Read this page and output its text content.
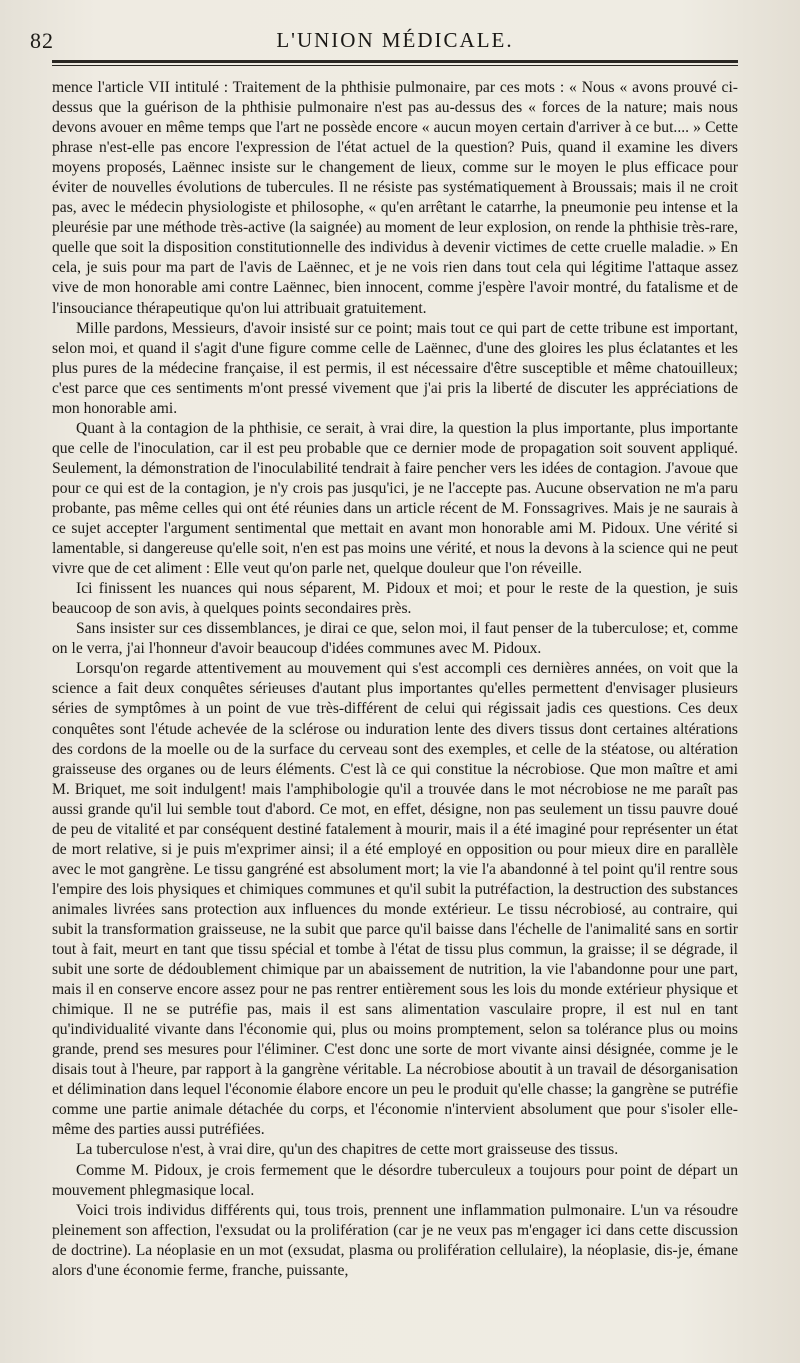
82	L'UNION MÉDICALE.

mence l'article VII intitulé : Traitement de la phthisie pulmonaire, par ces mots : « Nous « avons prouvé ci-dessus que la guérison de la phthisie pulmonaire n'est pas au-dessus des « forces de la nature; mais nous devons avouer en même temps que l'art ne possède encore « aucun moyen certain d'arriver à ce but.... » Cette phrase n'est-elle pas encore l'expression de l'état actuel de la question? Puis, quand il examine les divers moyens proposés, Laënnec insiste sur le changement de lieux, comme sur le moyen le plus efficace pour éviter de nouvelles évolutions de tubercules. Il ne résiste pas systématiquement à Broussais; mais il ne croit pas, avec le médecin physiologiste et philosophe, « qu'en arrêtant le catarrhe, la pneumonie peu intense et la pleurésie par une méthode très-active (la saignée) au moment de leur explosion, on rende la phthisie très-rare, quelle que soit la disposition constitutionnelle des individus à devenir victimes de cette cruelle maladie. » En cela, je suis pour ma part de l'avis de Laënnec, et je ne vois rien dans tout cela qui légitime l'attaque assez vive de mon honorable ami contre Laënnec, bien innocent, comme j'espère l'avoir montré, du fatalisme et de l'insouciance thérapeutique qu'on lui attribuait gratuitement.

Mille pardons, Messieurs, d'avoir insisté sur ce point; mais tout ce qui part de cette tribune est important, selon moi, et quand il s'agit d'une figure comme celle de Laënnec, d'une des gloires les plus éclatantes et les plus pures de la médecine française, il est permis, il est nécessaire d'être susceptible et même chatouilleux; c'est parce que ces sentiments m'ont pressé vivement que j'ai pris la liberté de discuter les appréciations de mon honorable ami.

Quant à la contagion de la phthisie, ce serait, à vrai dire, la question la plus importante, plus importante que celle de l'inoculation, car il est peu probable que ce dernier mode de propagation soit souvent appliqué. Seulement, la démonstration de l'inoculabilité tendrait à faire pencher vers les idées de contagion. J'avoue que pour ce qui est de la contagion, je n'y crois pas jusqu'ici, je ne l'accepte pas. Aucune observation ne m'a paru probante, pas même celles qui ont été réunies dans un article récent de M. Fonssagrives. Mais je ne saurais à ce sujet accepter l'argument sentimental que mettait en avant mon honorable ami M. Pidoux. Une vérité si lamentable, si dangereuse qu'elle soit, n'en est pas moins une vérité, et nous la devons à la science qui ne peut vivre que de cet aliment : Elle veut qu'on parle net, quelque douleur que l'on réveille.

Ici finissent les nuances qui nous séparent, M. Pidoux et moi; et pour le reste de la question, je suis beaucoop de son avis, à quelques points secondaires près.

Sans insister sur ces dissemblances, je dirai ce que, selon moi, il faut penser de la tuberculose; et, comme on le verra, j'ai l'honneur d'avoir beaucoup d'idées communes avec M. Pidoux.

Lorsqu'on regarde attentivement au mouvement qui s'est accompli ces dernières années, on voit que la science a fait deux conquêtes sérieuses d'autant plus importantes qu'elles permettent d'envisager plusieurs séries de symptômes à un point de vue très-différent de celui qui régissait jadis ces questions. Ces deux conquêtes sont l'étude achevée de la sclérose ou induration lente des divers tissus dont certaines altérations des cordons de la moelle ou de la surface du cerveau sont des exemples, et celle de la stéatose, ou altération graisseuse des organes ou de leurs éléments. C'est là ce qui constitue la nécrobiose. Que mon maître et ami M. Briquet, me soit indulgent! mais l'amphibologie qu'il a trouvée dans le mot nécrobiose ne me paraît pas aussi grande qu'il lui semble tout d'abord. Ce mot, en effet, désigne, non pas seulement un tissu pauvre doué de peu de vitalité et par conséquent destiné fatalement à mourir, mais il a été imaginé pour représenter un état de mort relative, si je puis m'exprimer ainsi; il a été employé en opposition ou pour mieux dire en parallèle avec le mot gangrène. Le tissu gangréné est absolument mort; la vie l'a abandonné à tel point qu'il rentre sous l'empire des lois physiques et chimiques communes et qu'il subit la putréfaction, la destruction des substances animales livrées sans protection aux influences du monde extérieur. Le tissu nécrobiosé, au contraire, qui subit la transformation graisseuse, ne la subit que parce qu'il baisse dans l'échelle de l'animalité sans en sortir tout à fait, meurt en tant que tissu spécial et tombe à l'état de tissu plus commun, la graisse; il se dégrade, il subit une sorte de dédoublement chimique par un abaissement de nutrition, la vie l'abandonne pour une part, mais il en conserve encore assez pour ne pas rentrer entièrement sous les lois du monde extérieur physique et chimique. Il ne se putréfie pas, mais il est sans alimentation vasculaire propre, il est nul en tant qu'individualité vivante dans l'économie qui, plus ou moins promptement, selon sa tolérance plus ou moins grande, prend ses mesures pour l'éliminer. C'est donc une sorte de mort vivante ainsi désignée, comme je le disais tout à l'heure, par rapport à la gangrène véritable. La nécrobiose aboutit à un travail de désorganisation et délimination dans lequel l'économie élabore encore un peu le produit qu'elle chasse; la gangrène se putréfie comme une partie animale détachée du corps, et l'économie n'intervient absolument que pour s'isoler elle-même des parties aussi putréfiées.

La tuberculose n'est, à vrai dire, qu'un des chapitres de cette mort graisseuse des tissus.

Comme M. Pidoux, je crois fermement que le désordre tuberculeux a toujours pour point de départ un mouvement phlegmasique local.

Voici trois individus différents qui, tous trois, prennent une inflammation pulmonaire. L'un va résoudre pleinement son affection, l'exsudat ou la prolifération (car je ne veux pas m'engager ici dans cette discussion de doctrine). La néoplasie en un mot (exsudat, plasma ou prolifération cellulaire), la néoplasie, dis-je, émane alors d'une économie ferme, franche, puissante,
